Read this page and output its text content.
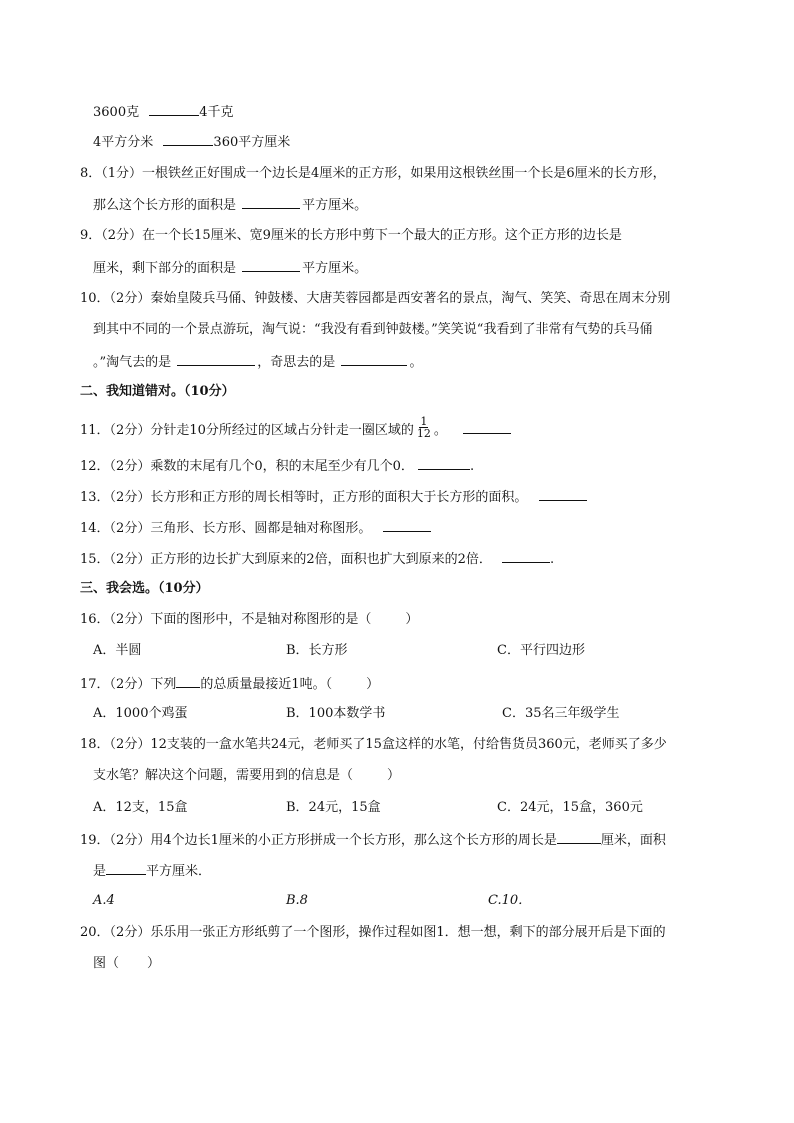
3600克	4千克
4平方分米	360平方厘米
8．（1分）一根铁丝正好围成一个边长是4厘米的正方形，如果用这根铁丝围一个长是6厘米的长方形，
那么这个长方形的面积是	平方厘米。
9．（2分）在一个长15厘米、宽9厘米的长方形中剪下一个最大的正方形。这个正方形的边长是
厘米，剩下部分的面积是	平方厘米。
10．（2分）秦始皇陵兵马俑、钟鼓楼、大唐芙蓉园都是西安著名的景点，淘气、笑笑、奇思在周末分别
到其中不同的一个景点游玩，淘气说：“我没有看到钟鼓楼。”笑笑说“我看到了非常有气势的兵马俑
。”淘气去的是	，奇思去的是	。
二、我知道错对。（10分）
11．（2分）分针走10分所经过的区域占分针走一圈区域的 $\frac{1}{12}$ 。
12．（2分）乘数的末尾有几个0，积的末尾至少有几个0．	.
13．（2分）长方形和正方形的周长相等时，正方形的面积大于长方形的面积。
14．（2分）三角形、长方形、圆都是轴对称图形。
15．（2分）正方形的边长扩大到原来的2倍，面积也扩大到原来的2倍．	.
三、我会选。（10分）
16．（2分）下面的图形中，不是轴对称图形的是（	）
A．半圆	B．长方形	C．平行四边形
17．（2分）下列 的总质量最接近1吨。（	）
A．1000个鸡蛋	B．100本数学书	C．35名三年级学生
18．（2分）12支装的一盒水笔共24元，老师买了15盒这样的水笔，付给售货员360元，老师买了多少
支水笔？解决这个问题，需要用到的信息是（	）
A．12支，15盒	B．24元，15盒	C．24元，15盒，360元
19．（2分）用4个边长1厘米的小正方形拼成一个长方形，那么这个长方形的周长是	厘米，面积
是	平方厘米．
A.4	B.8	C.10．
20．（2分）乐乐用一张正方形纸剪了一个图形，操作过程如图1．想一想，剩下的部分展开后是下面的
图（ ）
